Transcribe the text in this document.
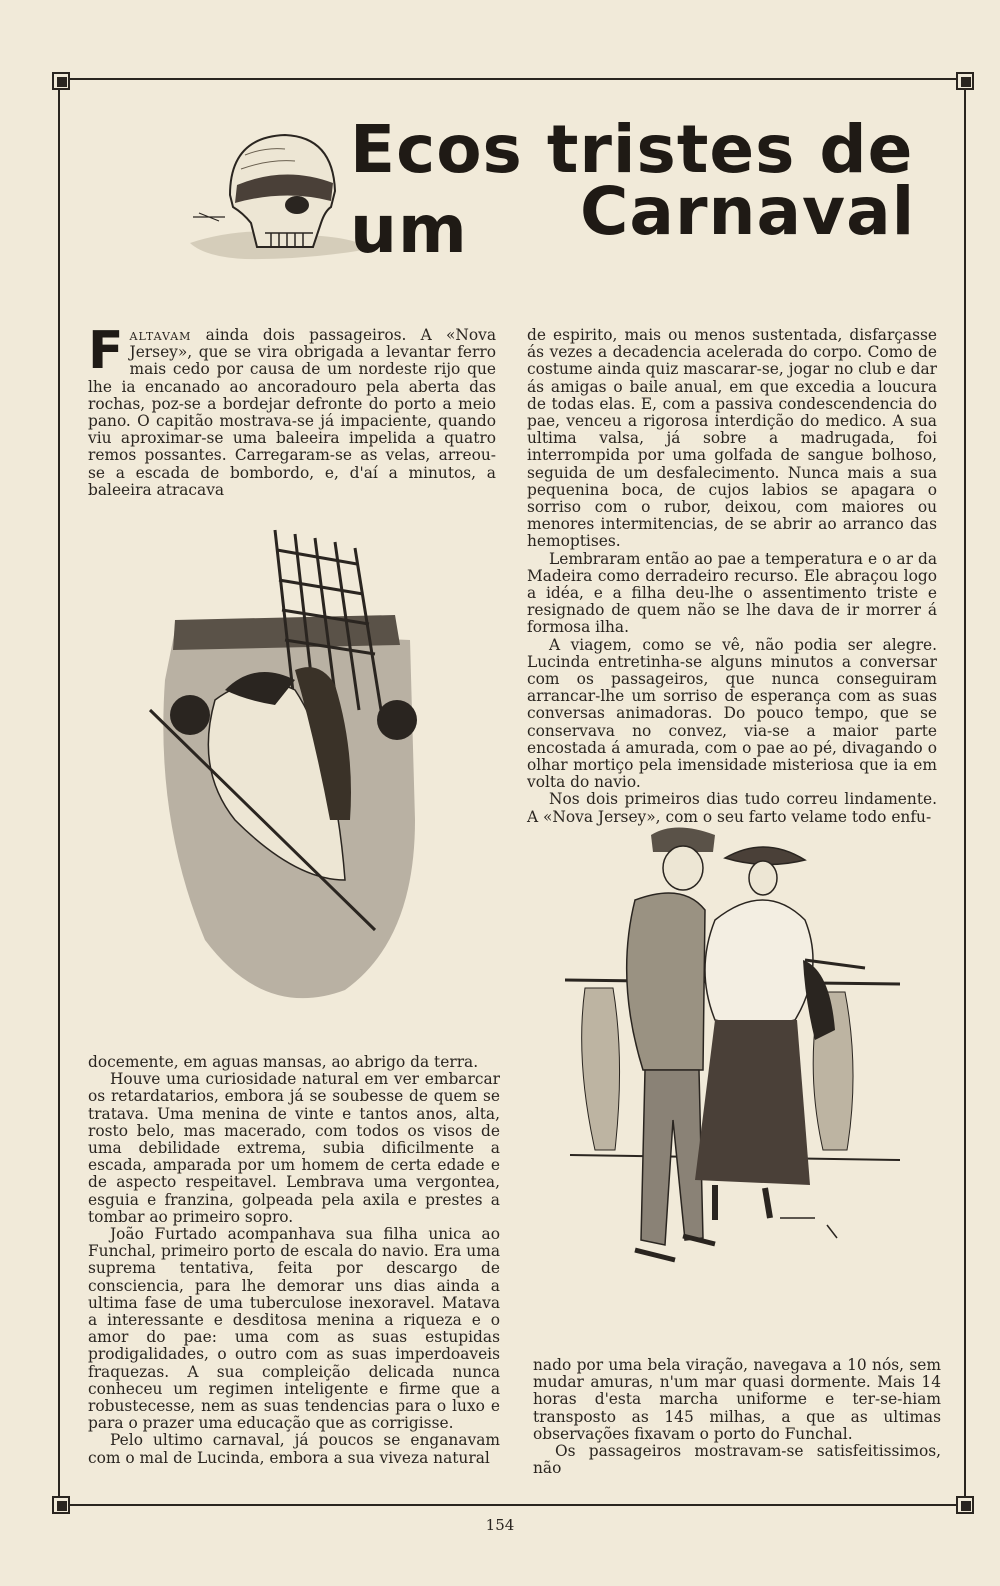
Ecos tristes de um	Carnaval

Faltavam ainda dois passageiros. A «Nova Jersey», que se vira obrigada a levantar ferro mais cedo por causa de um nordeste rijo que lhe ia encanado ao ancoradouro pela aberta das rochas, poz-se a bordejar defronte do porto a meio pano. O capitão mostrava-se já impaciente, quando viu aproximar-se uma baleeira impelida a quatro remos possantes. Carregaram-se as velas, arreou-se a escada de bombordo, e, d'aí a minutos, a baleeira atracava

de espirito, mais ou menos sustentada, disfarçasse ás vezes a decadencia acelerada do corpo. Como de costume ainda quiz mascarar-se, jogar no club e dar ás amigas o baile anual, em que excedia a loucura de todas elas. E, com a passiva condescendencia do pae, venceu a rigorosa interdição do medico. A sua ultima valsa, já sobre a madrugada, foi interrompida por uma golfada de sangue bolhoso, seguida de um desfalecimento. Nunca mais a sua pequenina boca, de cujos labios se apagara o sorriso com o rubor, deixou, com maiores ou menores intermitencias, de se abrir ao arranco das hemoptises.

Lembraram então ao pae a temperatura e o ar da Madeira como derradeiro recurso. Ele abraçou logo a idéa, e a filha deu-lhe o assentimento triste e resignado de quem não se lhe dava de ir morrer á formosa ilha.

A viagem, como se vê, não podia ser alegre. Lucinda entretinha-se alguns minutos a conversar com os passageiros, que nunca conseguiram arrancar-lhe um sorriso de esperança com as suas conversas animadoras. Do pouco tempo, que se conservava no convez, via-se a maior parte encostada á amurada, com o pae ao pé, divagando o olhar mortiço pela imensidade misteriosa que ia em volta do navio.

Nos dois primeiros dias tudo correu lindamente. A «Nova Jersey», com o seu farto velame todo enfu-

docemente, em aguas mansas, ao abrigo da terra.

Houve uma curiosidade natural em ver embarcar os retardatarios, embora já se soubesse de quem se tratava. Uma menina de vinte e tantos anos, alta, rosto belo, mas macerado, com todos os visos de uma debilidade extrema, subia dificilmente a escada, amparada por um homem de certa edade e de aspecto respeitavel. Lembrava uma vergontea, esguia e franzina, golpeada pela axila e prestes a tombar ao primeiro sopro.

João Furtado acompanhava sua filha unica ao Funchal, primeiro porto de escala do navio. Era uma suprema tentativa, feita por descargo de consciencia, para lhe demorar uns dias ainda a ultima fase de uma tuberculose inexoravel. Matava a interessante e desditosa menina a riqueza e o amor do pae: uma com as suas estupidas prodigalidades, o outro com as suas imperdoaveis fraquezas. A sua compleição delicada nunca conheceu um regimen inteligente e firme que a robustecesse, nem as suas tendencias para o luxo e para o prazer uma educação que as corrigisse.

Pelo ultimo carnaval, já poucos se enganavam com o mal de Lucinda, embora a sua viveza natural

nado por uma bela viração, navegava a 10 nós, sem mudar amuras, n'um mar quasi dormente. Mais 14 horas d'esta marcha uniforme e ter-se-hiam transposto as 145 milhas, a que as ultimas observações fixavam o porto do Funchal.

Os passageiros mostravam-se satisfeitissimos, não

154
